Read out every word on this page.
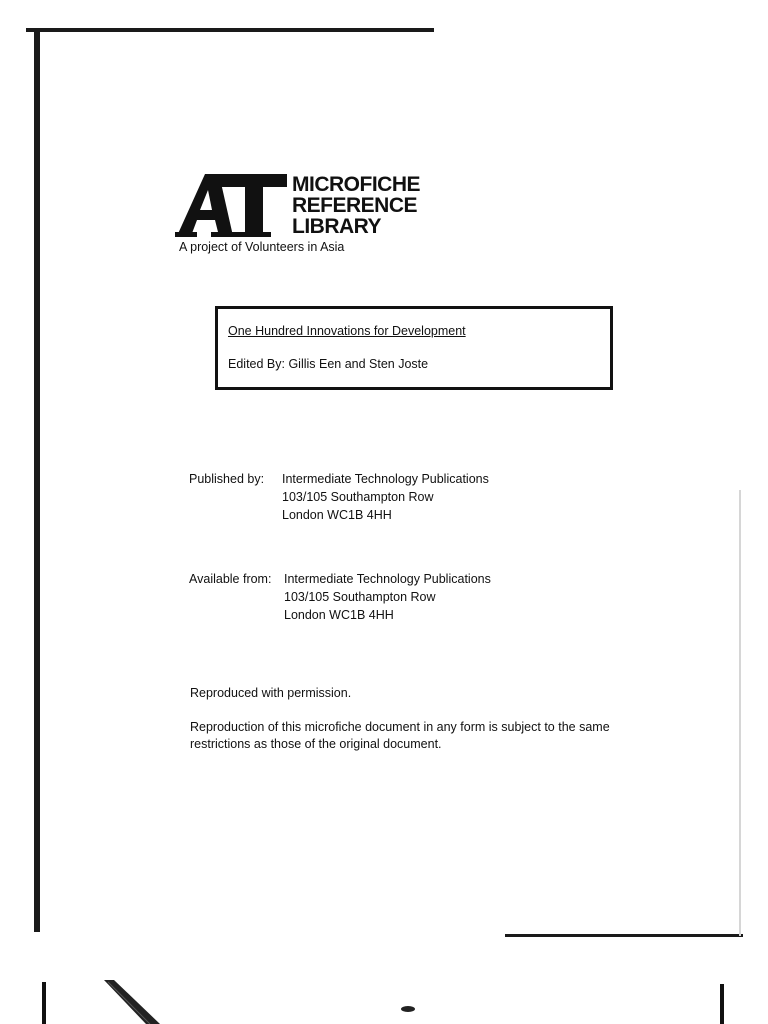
MICROFICHE
REFERENCE
LIBRARY
A project of Volunteers in Asia
One Hundred Innovations for Development
Edited By: Gillis Een and Sten Joste
Published by: Intermediate Technology Publications
103/105 Southampton Row
London WC1B 4HH
Available from: Intermediate Technology Publications
103/105 Southampton Row
London WC1B 4HH
Reproduced with permission.
Reproduction of this microfiche document in any form is subject to the same restrictions as those of the original document.
